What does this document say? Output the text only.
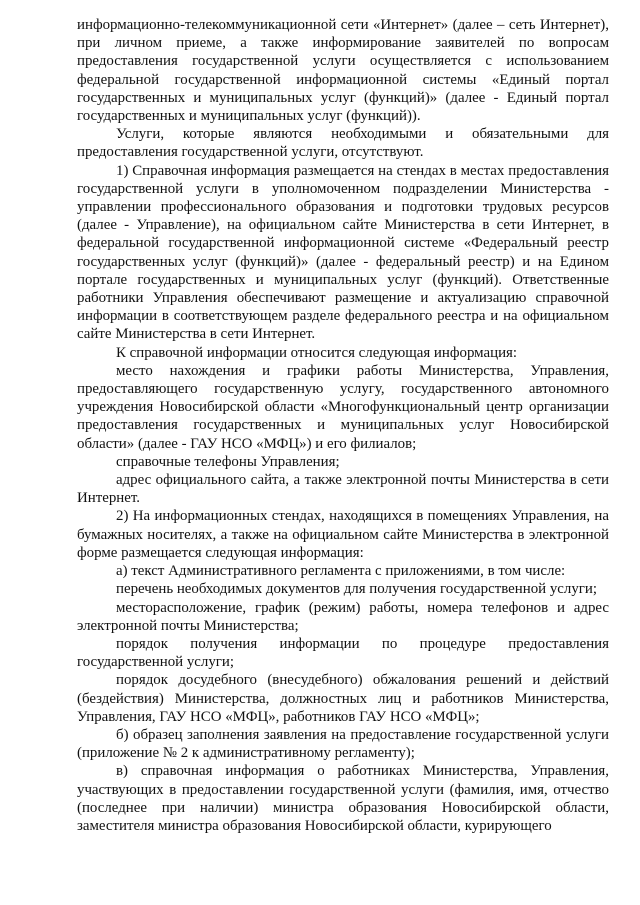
информационно-телекоммуникационной сети «Интернет» (далее – сеть Интернет), при личном приеме, а также информирование заявителей по вопросам предоставления государственной услуги осуществляется с использованием федеральной государственной информационной системы «Единый портал государственных и муниципальных услуг (функций)» (далее - Единый портал государственных и муниципальных услуг (функций)).

Услуги, которые являются необходимыми и обязательными для предоставления государственной услуги, отсутствуют.

1) Справочная информация размещается на стендах в местах предоставления государственной услуги в уполномоченном подразделении Министерства - управлении профессионального образования и подготовки трудовых ресурсов (далее - Управление), на официальном сайте Министерства в сети Интернет, в федеральной государственной информационной системе «Федеральный реестр государственных услуг (функций)» (далее - федеральный реестр) и на Едином портале государственных и муниципальных услуг (функций). Ответственные работники Управления обеспечивают размещение и актуализацию справочной информации в соответствующем разделе федерального реестра и на официальном сайте Министерства в сети Интернет.

К справочной информации относится следующая информация:

место нахождения и графики работы Министерства, Управления, предоставляющего государственную услугу, государственного автономного учреждения Новосибирской области «Многофункциональный центр организации предоставления государственных и муниципальных услуг Новосибирской области» (далее - ГАУ НСО «МФЦ») и его филиалов;

справочные телефоны Управления;

адрес официального сайта, а также электронной почты Министерства в сети Интернет.

2) На информационных стендах, находящихся в помещениях Управления, на бумажных носителях, а также на официальном сайте Министерства в электронной форме размещается следующая информация:

а) текст Административного регламента с приложениями, в том числе:

перечень необходимых документов для получения государственной услуги;

месторасположение, график (режим) работы, номера телефонов и адрес электронной почты Министерства;

порядок получения информации по процедуре предоставления государственной услуги;

порядок досудебного (внесудебного) обжалования решений и действий (бездействия) Министерства, должностных лиц и работников Министерства, Управления, ГАУ НСО «МФЦ», работников ГАУ НСО «МФЦ»;

б) образец заполнения заявления на предоставление государственной услуги (приложение № 2 к административному регламенту);

в) справочная информация о работниках Министерства, Управления, участвующих в предоставлении государственной услуги (фамилия, имя, отчество (последнее при наличии) министра образования Новосибирской области, заместителя министра образования Новосибирской области, курирующего
